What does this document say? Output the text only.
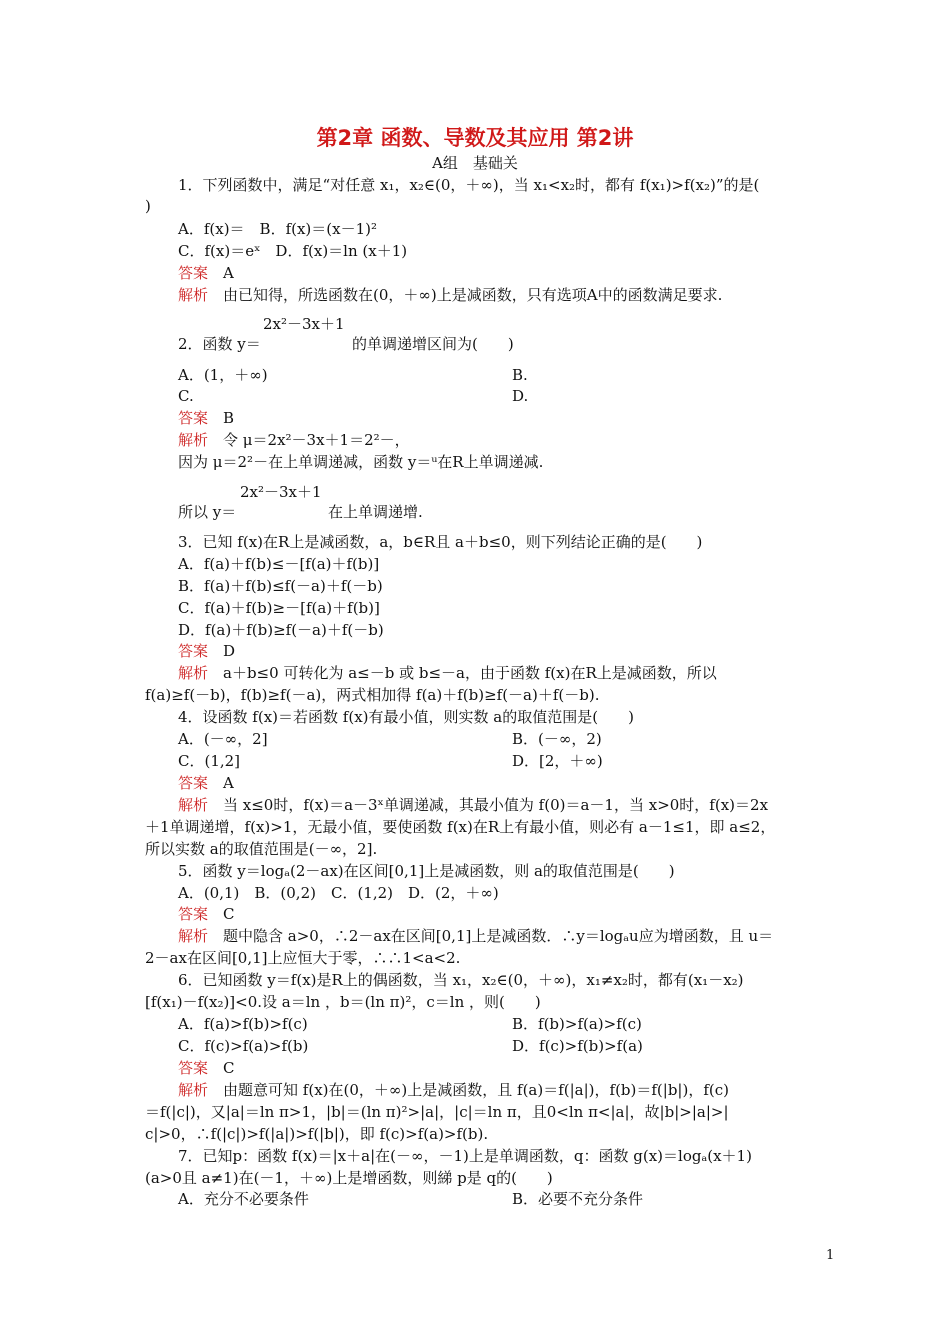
第2章 函数、导数及其应用 第2讲
A组　基础关
1．下列函数中，满足“对任意 x₁，x₂∈(0，＋∞)，当 x₁<x₂时，都有 f(x₁)>f(x₂)”的是(
)
A．f(x)＝　B．f(x)＝(x－1)²
C．f(x)＝eˣ　D．f(x)＝ln (x＋1)
答案　A
解析　由已知得，所选函数在(0，＋∞)上是减函数，只有选项A中的函数满足要求.
2x²－3x＋1
2．函数 y＝	的单调递增区间为(　　)
A．(1，＋∞)	B.
C.	D.
答案　B
解析　令 μ＝2x²－3x＋1＝2²－，
因为 μ＝2²－在上单调递减，函数 y＝ᵘ在R上单调递减.
2x²－3x＋1
所以 y＝	在上单调递增.
3．已知 f(x)在R上是减函数，a，b∈R且 a＋b≤0，则下列结论正确的是(　　)
A．f(a)＋f(b)≤－[f(a)＋f(b)]
B．f(a)＋f(b)≤f(－a)＋f(－b)
C．f(a)＋f(b)≥－[f(a)＋f(b)]
D．f(a)＋f(b)≥f(－a)＋f(－b)
答案　D
解析　a＋b≤0 可转化为 a≤－b 或 b≤－a，由于函数 f(x)在R上是减函数，所以
f(a)≥f(－b)，f(b)≥f(－a)，两式相加得 f(a)＋f(b)≥f(－a)＋f(－b).
4．设函数 f(x)＝若函数 f(x)有最小值，则实数 a的取值范围是(　　)
A．(－∞，2]	B．(－∞，2)
C．(1,2]	D．[2，＋∞)
答案　A
解析　当 x≤0时，f(x)＝a－3ˣ单调递减，其最小值为 f(0)＝a－1，当 x>0时，f(x)＝2x
＋1单调递增，f(x)>1，无最小值，要使函数 f(x)在R上有最小值，则必有 a－1≤1，即 a≤2，
所以实数 a的取值范围是(－∞，2].
5．函数 y＝logₐ(2－ax)在区间[0,1]上是减函数，则 a的取值范围是(　　)
A．(0,1)　B．(0,2)　C．(1,2)　D．(2，＋∞)
答案　C
解析　题中隐含 a>0，∴2－ax在区间[0,1]上是减函数．∴y＝logₐu应为增函数，且 u＝
2－ax在区间[0,1]上应恒大于零，∴∴1<a<2.
6．已知函数 y＝f(x)是R上的偶函数，当 x₁，x₂∈(0，＋∞)，x₁≠x₂时，都有(x₁－x₂)
[f(x₁)－f(x₂)]<0.设 a＝ln ，b＝(ln π)²，c＝ln ，则(　　)
A．f(a)>f(b)>f(c)	B．f(b)>f(a)>f(c)
C．f(c)>f(a)>f(b)	D．f(c)>f(b)>f(a)
答案　C
解析　由题意可知 f(x)在(0，＋∞)上是减函数，且 f(a)＝f(|a|)，f(b)＝f(|b|)，f(c)
＝f(|c|)，又|a|＝ln π>1，|b|＝(ln π)²>|a|，|c|＝ln π，且0<ln π<|a|，故|b|>|a|>|
c|>0，∴f(|c|)>f(|a|)>f(|b|)，即 f(c)>f(a)>f(b).
7．已知p：函数 f(x)＝|x＋a|在(－∞，－1)上是单调函数，q：函数 g(x)＝logₐ(x＋1)
(a>0且 a≠1)在(－1，＋∞)上是增函数，则綈 p是 q的(　　)
A．充分不必要条件	B．必要不充分条件
1
